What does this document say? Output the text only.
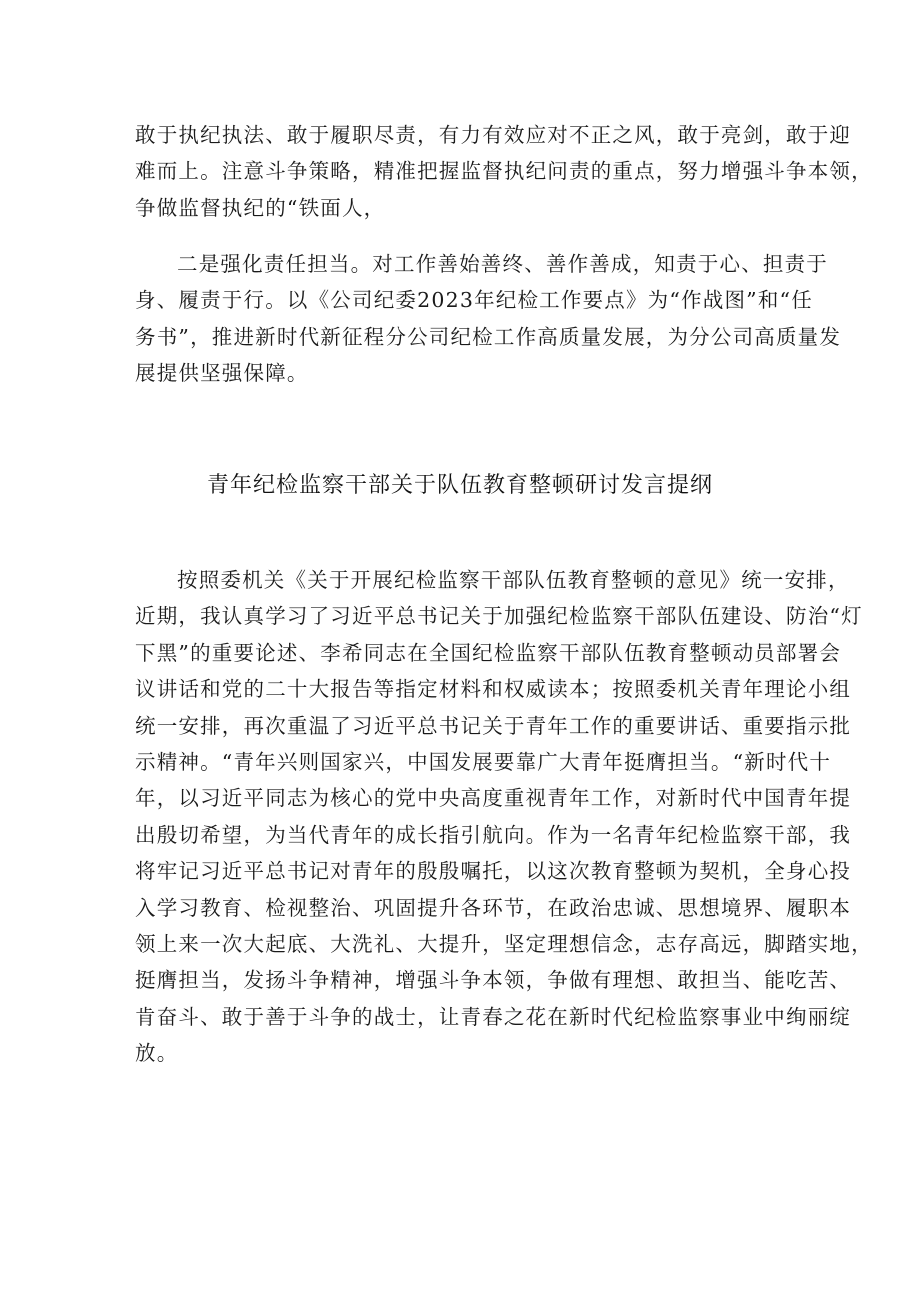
敢于执纪执法、敢于履职尽责，有力有效应对不正之风，敢于亮剑，敢于迎
难而上。注意斗争策略，精准把握监督执纪问责的重点，努力增强斗争本领，
争做监督执纪的“铁面人，
二是强化责任担当。对工作善始善终、善作善成，知责于心、担责于
身、履责于行。以《公司纪委2023年纪检工作要点》为“作战图”和“任
务书”，推进新时代新征程分公司纪检工作高质量发展，为分公司高质量发
展提供坚强保障。
青年纪检监察干部关于队伍教育整顿研讨发言提纲
按照委机关《关于开展纪检监察干部队伍教育整顿的意见》统一安排，
近期，我认真学习了习近平总书记关于加强纪检监察干部队伍建设、防治“灯
下黑”的重要论述、李希同志在全国纪检监察干部队伍教育整顿动员部署会
议讲话和党的二十大报告等指定材料和权威读本；按照委机关青年理论小组
统一安排，再次重温了习近平总书记关于青年工作的重要讲话、重要指示批
示精神。“青年兴则国家兴，中国发展要靠广大青年挺膺担当。“新时代十
年，以习近平同志为核心的党中央高度重视青年工作，对新时代中国青年提
出殷切希望，为当代青年的成长指引航向。作为一名青年纪检监察干部，我
将牢记习近平总书记对青年的殷殷嘱托，以这次教育整顿为契机，全身心投
入学习教育、检视整治、巩固提升各环节，在政治忠诚、思想境界、履职本
领上来一次大起底、大洗礼、大提升，坚定理想信念，志存高远，脚踏实地，
挺膺担当，发扬斗争精神，增强斗争本领，争做有理想、敢担当、能吃苦、
肯奋斗、敢于善于斗争的战士，让青春之花在新时代纪检监察事业中绚丽绽
放。
